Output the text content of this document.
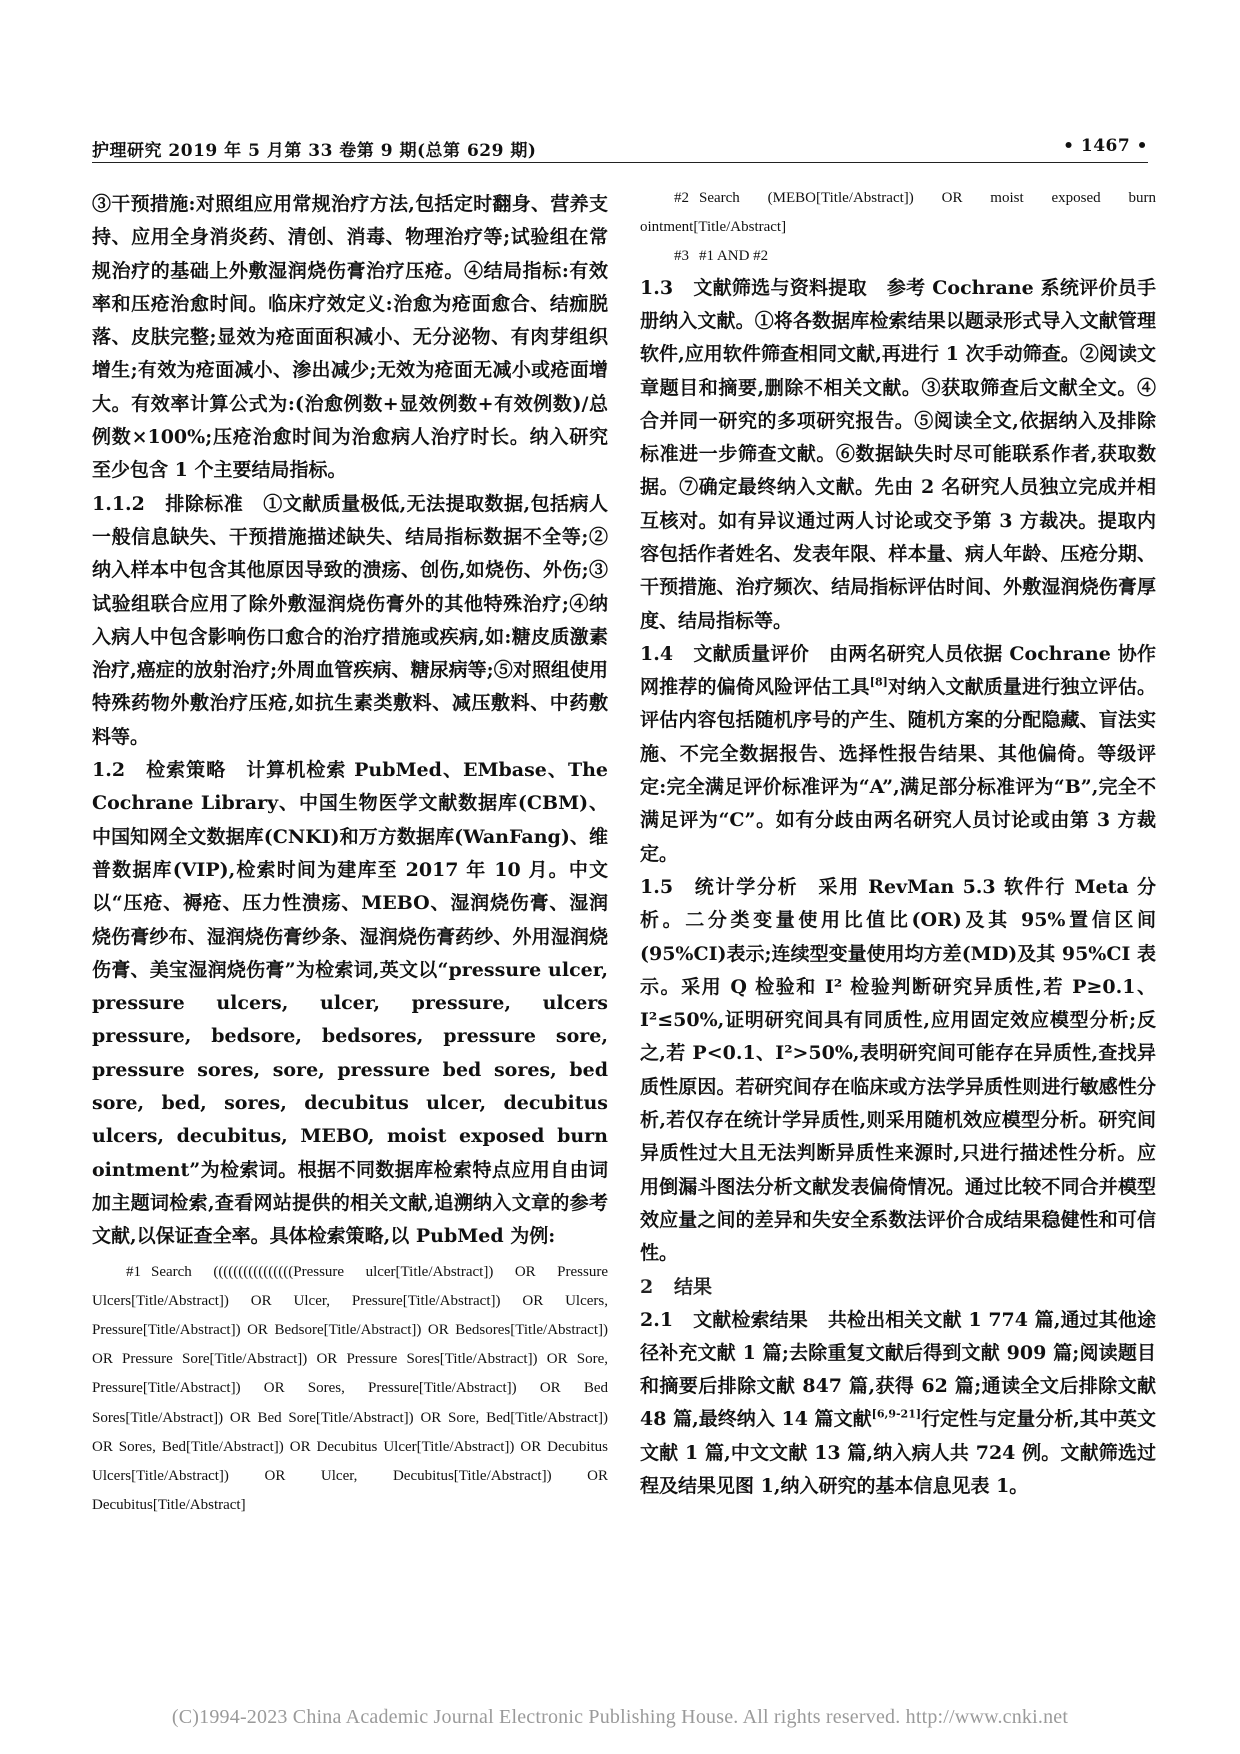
护理研究 2019 年 5 月第 33 卷第 9 期(总第 629 期)	• 1467 •

③干预措施:对照组应用常规治疗方法,包括定时翻身、营养支持、应用全身消炎药、清创、消毒、物理治疗等;试验组在常规治疗的基础上外敷湿润烧伤膏治疗压疮。④结局指标:有效率和压疮治愈时间。临床疗效定义:治愈为疮面愈合、结痂脱落、皮肤完整;显效为疮面面积减小、无分泌物、有肉芽组织增生;有效为疮面减小、渗出减少;无效为疮面无减小或疮面增大。有效率计算公式为:(治愈例数+显效例数+有效例数)/总例数×100%;压疮治愈时间为治愈病人治疗时长。纳入研究至少包含 1 个主要结局指标。

1.1.2 排除标准 ①文献质量极低,无法提取数据,包括病人一般信息缺失、干预措施描述缺失、结局指标数据不全等;②纳入样本中包含其他原因导致的溃疡、创伤,如烧伤、外伤;③试验组联合应用了除外敷湿润烧伤膏外的其他特殊治疗;④纳入病人中包含影响伤口愈合的治疗措施或疾病,如:糖皮质激素治疗,癌症的放射治疗;外周血管疾病、糖尿病等;⑤对照组使用特殊药物外敷治疗压疮,如抗生素类敷料、减压敷料、中药敷料等。

1.2 检索策略 计算机检索 PubMed、EMbase、The Cochrane Library、中国生物医学文献数据库(CBM)、中国知网全文数据库(CNKI)和万方数据库(WanFang)、维普数据库(VIP),检索时间为建库至 2017 年 10 月。中文以“压疮、褥疮、压力性溃疡、MEBO、湿润烧伤膏、湿润烧伤膏纱布、湿润烧伤膏纱条、湿润烧伤膏药纱、外用湿润烧伤膏、美宝湿润烧伤膏”为检索词,英文以“pressure ulcer, pressure ulcers, ulcer, pressure, ulcers pressure, bedsore, bedsores, pressure sore, pressure sores, sore, pressure bed sores, bed sore, bed, sores, decubitus ulcer, decubitus ulcers, decubitus, MEBO, moist exposed burn ointment”为检索词。根据不同数据库检索特点应用自由词加主题词检索,查看网站提供的相关文献,追溯纳入文章的参考文献,以保证查全率。具体检索策略,以 PubMed 为例:

#1 Search ((((((((((((((((Pressure ulcer[Title/Abstract]) OR Pressure Ulcers[Title/Abstract]) OR Ulcer, Pressure[Title/Abstract]) OR Ulcers, Pressure[Title/Abstract]) OR Bedsore[Title/Abstract]) OR Bedsores[Title/Abstract]) OR Pressure Sore[Title/Abstract]) OR Pressure Sores[Title/Abstract]) OR Sore, Pressure[Title/Abstract]) OR Sores, Pressure[Title/Abstract]) OR Bed Sores[Title/Abstract]) OR Bed Sore[Title/Abstract]) OR Sore, Bed[Title/Abstract]) OR Sores, Bed[Title/Abstract]) OR Decubitus Ulcer[Title/Abstract]) OR Decubitus Ulcers[Title/Abstract]) OR Ulcer, Decubitus[Title/Abstract]) OR Decubitus[Title/Abstract]

#2 Search (MEBO[Title/Abstract]) OR moist exposed burn ointment[Title/Abstract]

#3 #1 AND #2

1.3 文献筛选与资料提取 参考 Cochrane 系统评价员手册纳入文献。①将各数据库检索结果以题录形式导入文献管理软件,应用软件筛查相同文献,再进行 1 次手动筛查。②阅读文章题目和摘要,删除不相关文献。③获取筛查后文献全文。④合并同一研究的多项研究报告。⑤阅读全文,依据纳入及排除标准进一步筛查文献。⑥数据缺失时尽可能联系作者,获取数据。⑦确定最终纳入文献。先由 2 名研究人员独立完成并相互核对。如有异议通过两人讨论或交予第 3 方裁决。提取内容包括作者姓名、发表年限、样本量、病人年龄、压疮分期、干预措施、治疗频次、结局指标评估时间、外敷湿润烧伤膏厚度、结局指标等。

1.4 文献质量评价 由两名研究人员依据 Cochrane 协作网推荐的偏倚风险评估工具[8]对纳入文献质量进行独立评估。评估内容包括随机序号的产生、随机方案的分配隐藏、盲法实施、不完全数据报告、选择性报告结果、其他偏倚。等级评定:完全满足评价标准评为“A”,满足部分标准评为“B”,完全不满足评为“C”。如有分歧由两名研究人员讨论或由第 3 方裁定。

1.5 统计学分析 采用 RevMan 5.3 软件行 Meta 分析。二分类变量使用比值比(OR)及其 95%置信区间(95%CI)表示;连续型变量使用均方差(MD)及其 95%CI 表示。采用 Q 检验和 I² 检验判断研究异质性,若 P≥0.1、I²≤50%,证明研究间具有同质性,应用固定效应模型分析;反之,若 P<0.1、I²>50%,表明研究间可能存在异质性,查找异质性原因。若研究间存在临床或方法学异质性则进行敏感性分析,若仅存在统计学异质性,则采用随机效应模型分析。研究间异质性过大且无法判断异质性来源时,只进行描述性分析。应用倒漏斗图法分析文献发表偏倚情况。通过比较不同合并模型效应量之间的差异和失安全系数法评价合成结果稳健性和可信性。

2 结果

2.1 文献检索结果 共检出相关文献 1 774 篇,通过其他途径补充文献 1 篇;去除重复文献后得到文献 909 篇;阅读题目和摘要后排除文献 847 篇,获得 62 篇;通读全文后排除文献 48 篇,最终纳入 14 篇文献[6,9-21]行定性与定量分析,其中英文文献 1 篇,中文文献 13 篇,纳入病人共 724 例。文献筛选过程及结果见图 1,纳入研究的基本信息见表 1。

(C)1994-2023 China Academic Journal Electronic Publishing House. All rights reserved. http://www.cnki.net
